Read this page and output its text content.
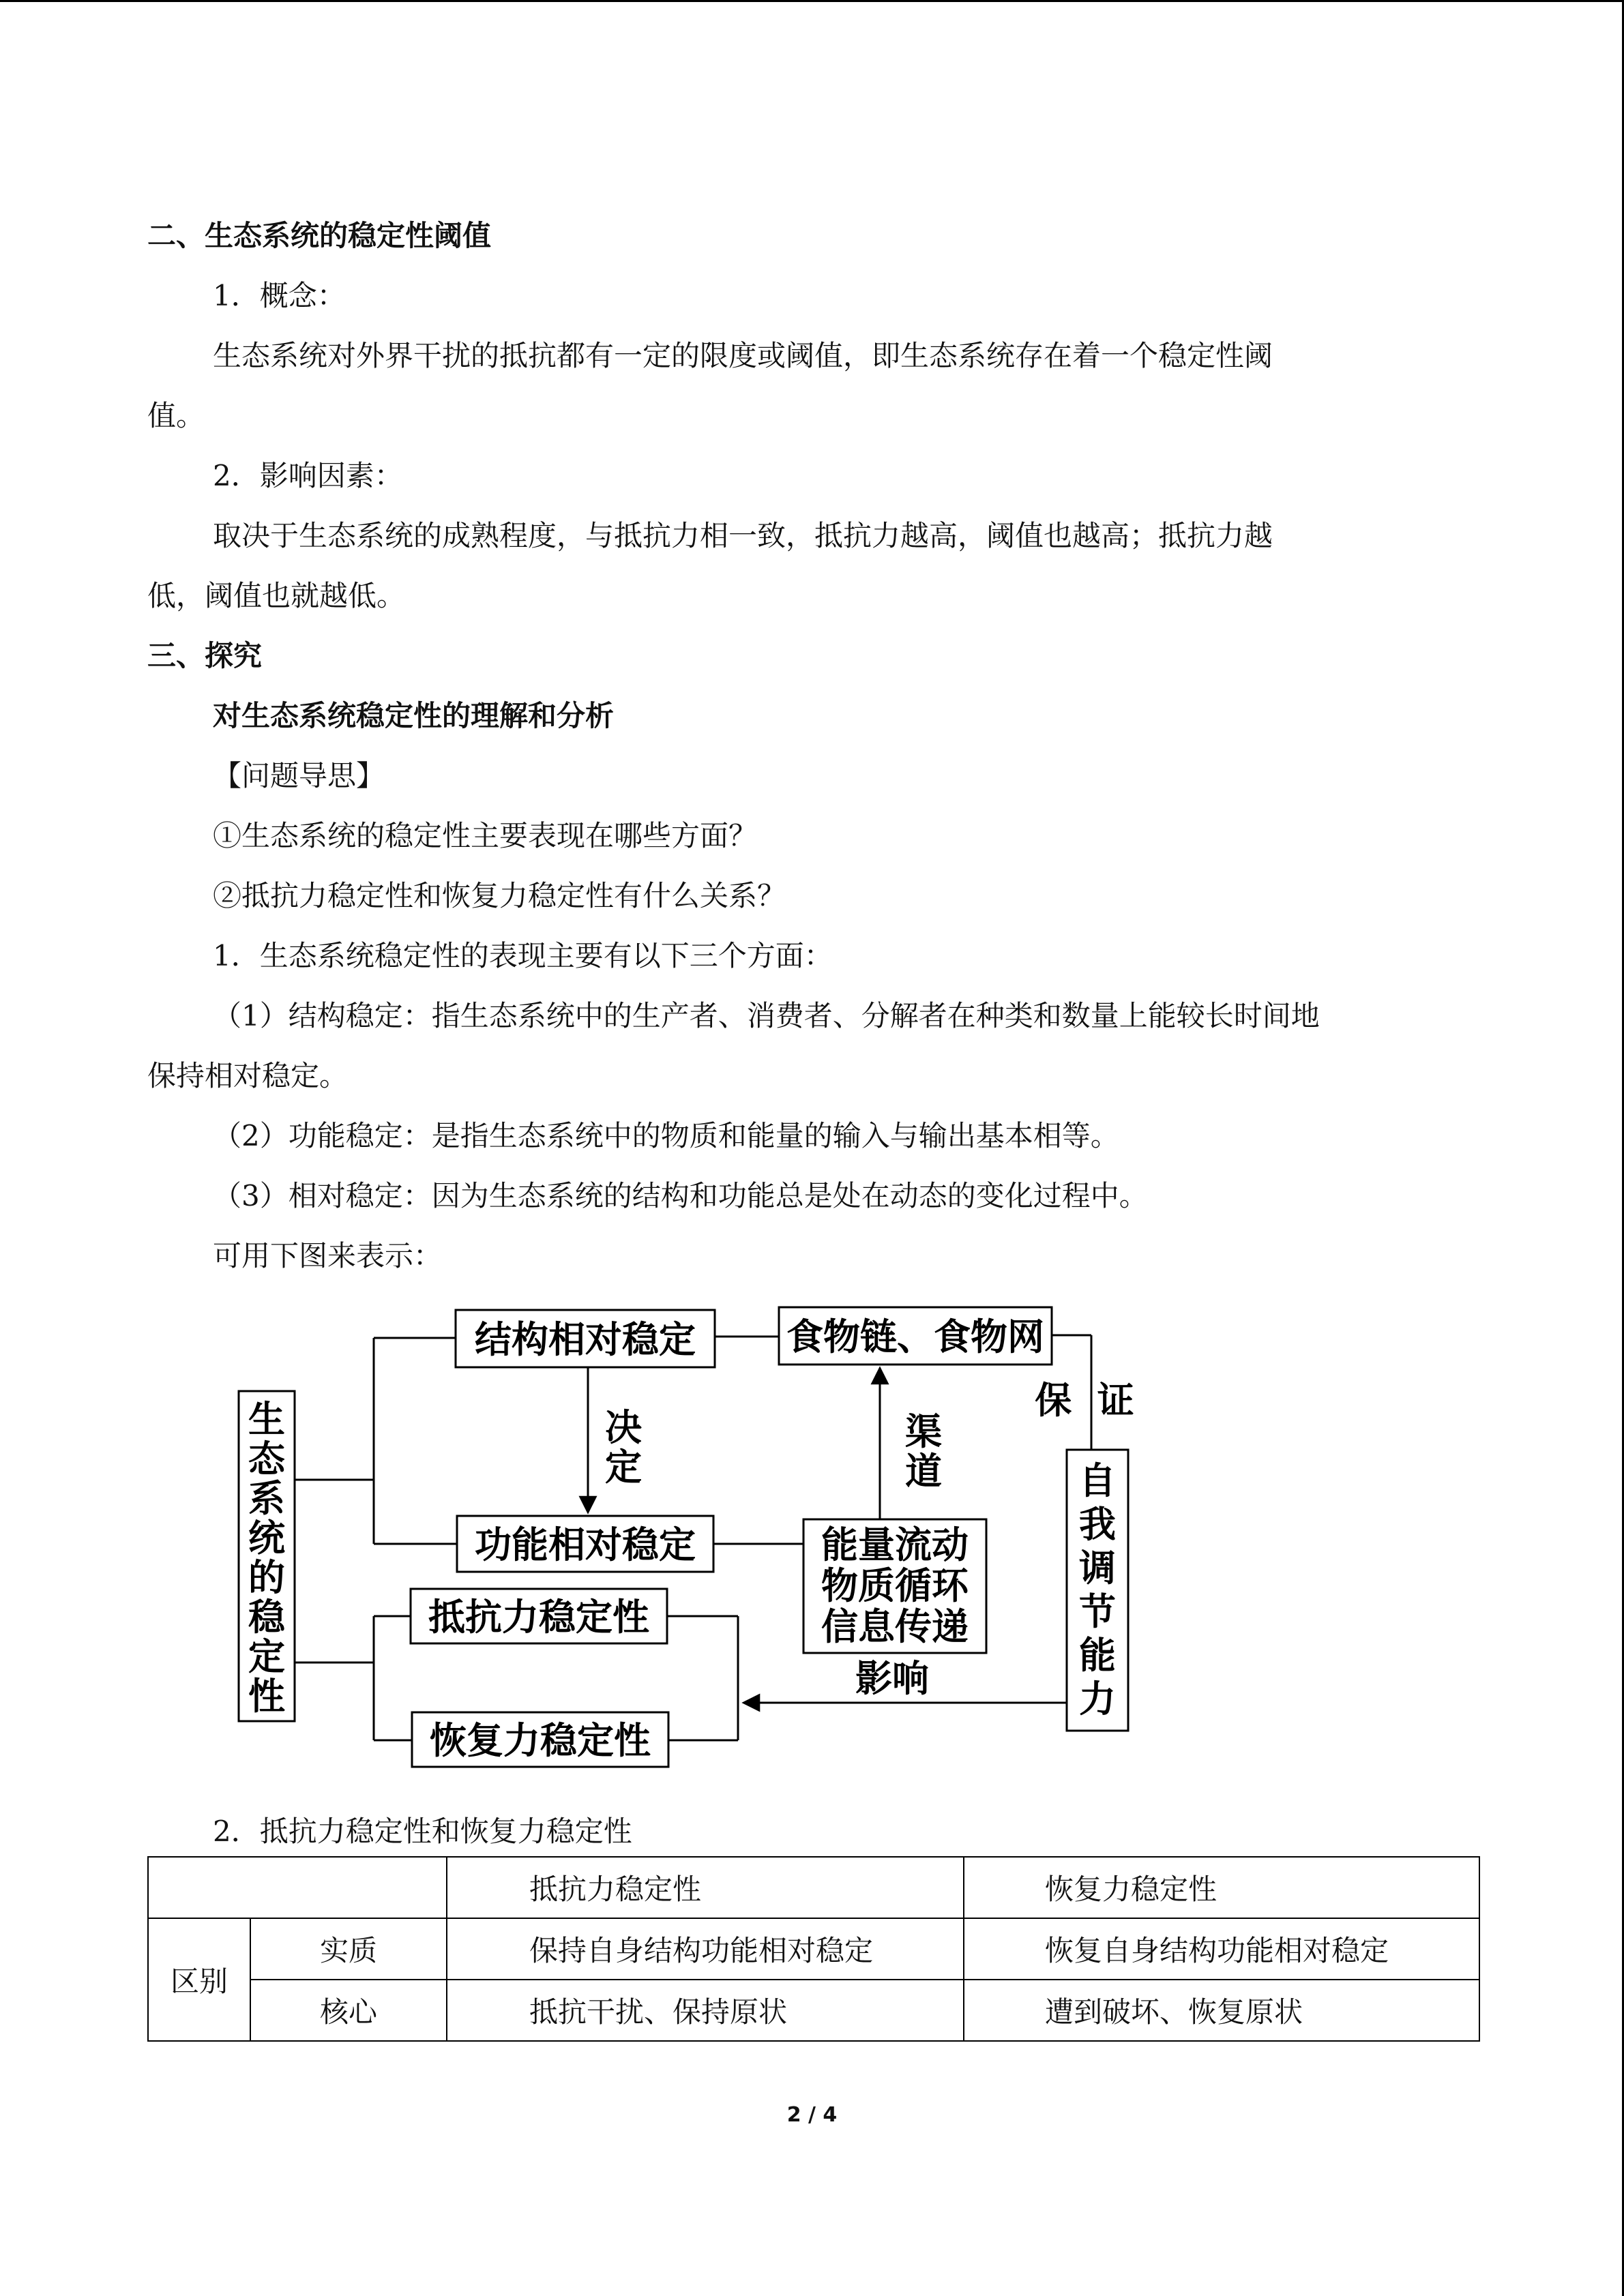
二、生态系统的稳定性阈值
1．概念：
生态系统对外界干扰的抵抗都有一定的限度或阈值，即生态系统存在着一个稳定性阈
值。
2．影响因素：
取决于生态系统的成熟程度，与抵抗力相一致，抵抗力越高，阈值也越高；抵抗力越
低，阈值也就越低。
三、探究
对生态系统稳定性的理解和分析
【问题导思】
①生态系统的稳定性主要表现在哪些方面？
②抵抗力稳定性和恢复力稳定性有什么关系？
1．生态系统稳定性的表现主要有以下三个方面：
（1）结构稳定：指生态系统中的生产者、消费者、分解者在种类和数量上能较长时间地
保持相对稳定。
（2）功能稳定：是指生态系统中的物质和能量的输入与输出基本相等。
（3）相对稳定：因为生态系统的结构和功能总是处在动态的变化过程中。
可用下图来表示：
生
态
系
统
的
稳
定
性
结构相对稳定 食物链、食物网
功能相对稳定	能量流动
物质循环
信息传递
抵抗力稳定性
恢复力稳定性
自
我
调
节
能
力
决
定
渠
道
保  证
影响
2．抵抗力稳定性和恢复力稳定性
		抵抗力稳定性	恢复力稳定性
区别	实质	保持自身结构功能相对稳定	恢复自身结构功能相对稳定
	核心	抵抗干扰、保持原状	遭到破坏、恢复原状
2 / 4
